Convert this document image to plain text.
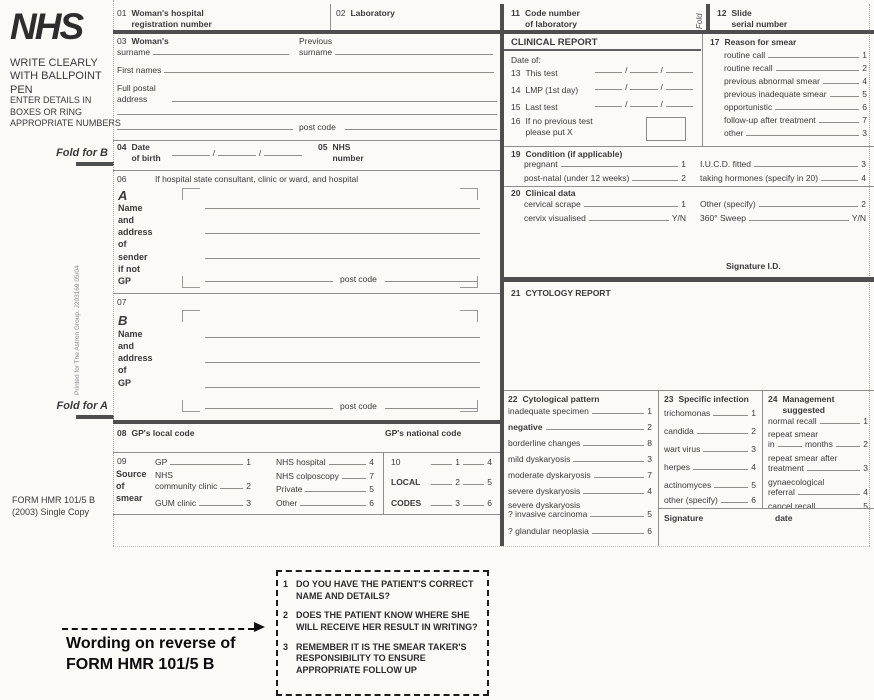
NHS
WRITE CLEARLY WITH BALLPOINT PEN
ENTER DETAILS IN BOXES OR RING APPROPRIATE NUMBERS
Fold for B
Printed for The Astron Group. J203169 05/04
Fold for A
FORM HMR 101/5 B
(2003) Single Copy
01 Woman's hospital
registration number
02 Laboratory
03 Woman's
surname
Previous
surname
First names
Full postal
address
post code
04 Date
of birth	/	/
05 NHS
number
06	If hospital state consultant, clinic or ward, and hospital
A
Name
and
address
of
sender
if not
GP	post code
07
B
Name
and
address
of
GP
post code
08 GP's local code	GP's national code
09
Source
of
smear
GP	1
NHS
community clinic	2
GUM clinic	3
NHS hospital	4
NHS colposcopy	7
Private	5
Other	6
10
LOCAL
CODES
1	4
2	5
3	6
11 Code number
of laboratory	Fold
12 Slide
serial number
CLINICAL REPORT
Date of:
13 This test	/	/
14 LMP (1st day)	/	/
15 Last test	/	/
16 If no previous test
please put X
17 Reason for smear
routine call	1
routine recall	2
previous abnormal smear	4
previous inadequate smear	5
opportunistic	6
follow-up after treatment	7
other	3
19 Condition (if applicable)
pregnant	1
post-natal (under 12 weeks)	2
I.U.C.D. fitted	3
taking hormones (specify in 20)	4
20 Clinical data
cervical scrape	1
cervix visualised	Y/N
Other (specify)	2
360° Sweep	Y/N
Signature I.D.
21 CYTOLOGY REPORT
22 Cytological pattern
inadequate specimen	1
negative	2
borderline changes	8
mild dyskaryosis	3
moderate dyskaryosis	7
severe dyskaryosis	4
severe dyskaryosis
? invasive carcinoma	5
? glandular neoplasia	6
23 Specific infection
trichomonas	1
candida	2
wart virus	3
herpes	4
actinomyces	5
other (specify)	6
24 Management
suggested
normal recall	1
repeat smear
in	months	2
repeat smear after
treatment	3
gynaecological
referral	4
cancel recall	5
Signature	date
Wording on reverse of
FORM HMR 101/5 B
1 DO YOU HAVE THE PATIENT'S CORRECT NAME AND DETAILS?
2 DOES THE PATIENT KNOW WHERE SHE WILL RECEIVE HER RESULT IN WRITING?
3 REMEMBER IT IS THE SMEAR TAKER'S RESPONSIBILITY TO ENSURE APPROPRIATE FOLLOW UP
